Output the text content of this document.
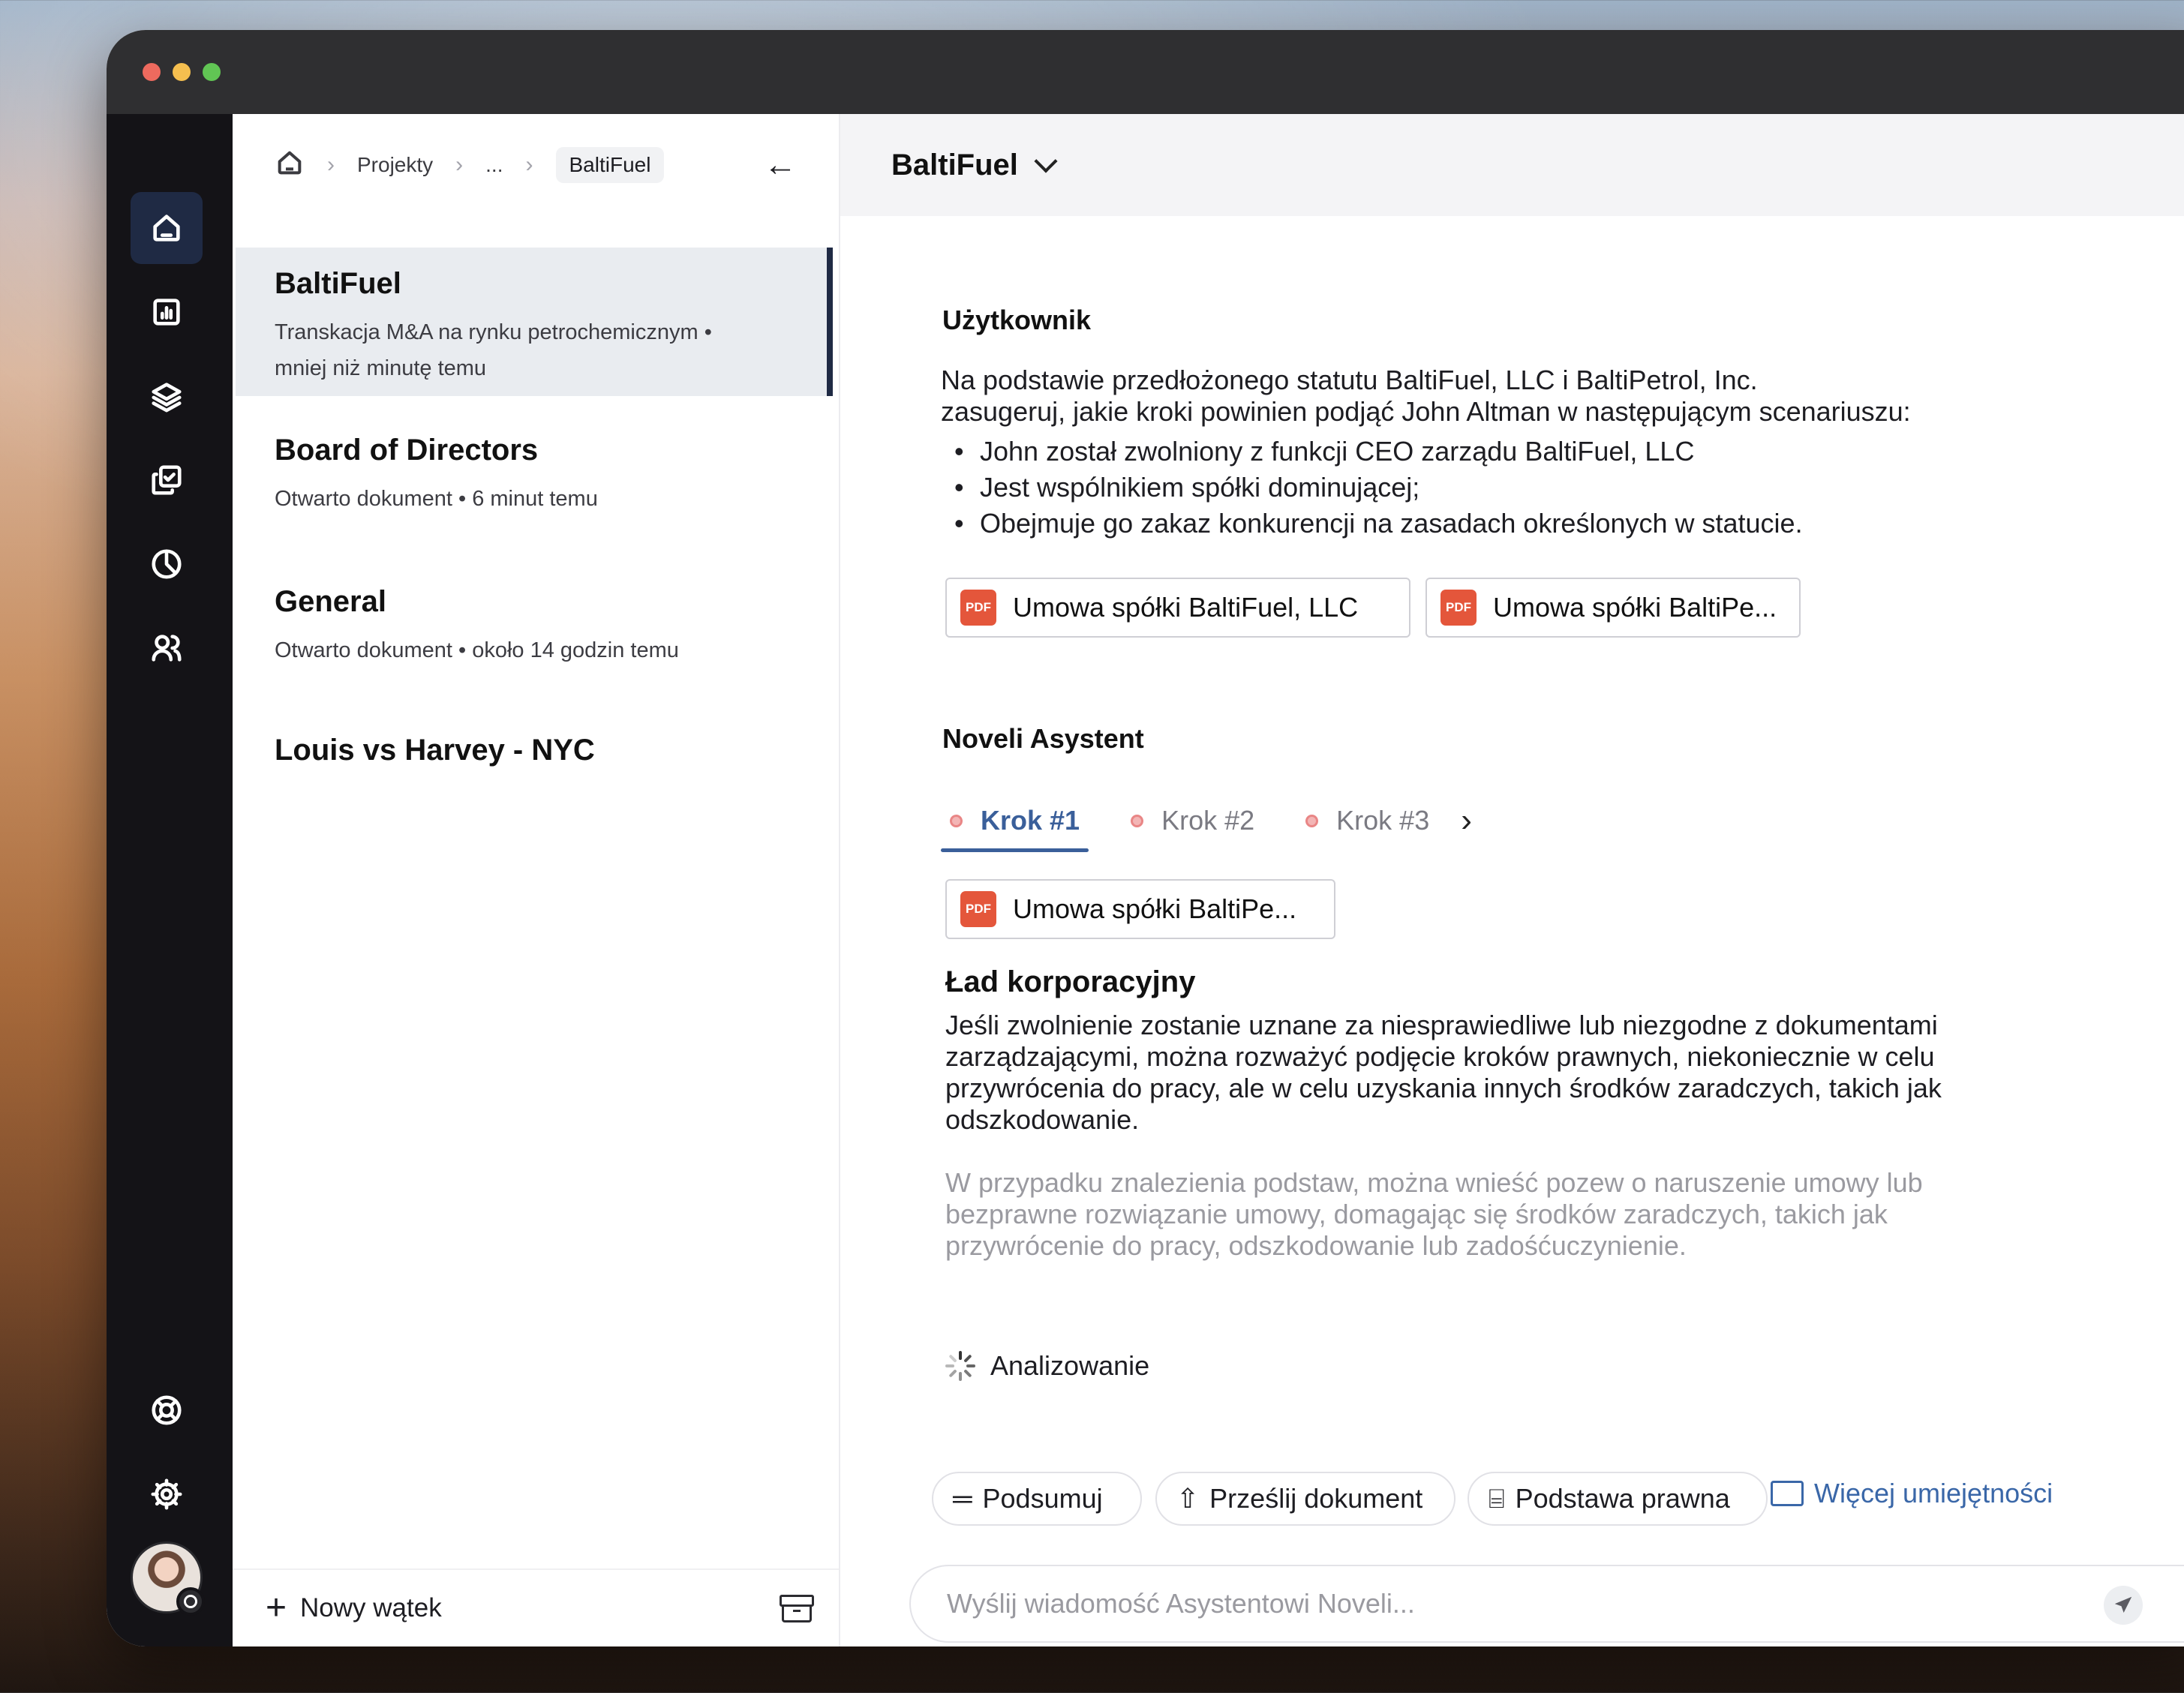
› Projekty › ... ›	BaltiFuel	←
BaltiFuel
Transkacja M&A na rynku petrochemicznym •
mniej niż minutę temu
Board of Directors
Otwarto dokument • 6 minut temu
General
Otwarto dokument • około 14 godzin temu
Louis vs Harvey - NYC
+ Nowy wątek
BaltiFuel
Użytkownik
Na podstawie przedłożonego statutu BaltiFuel, LLC i BaltiPetrol, Inc.
zasugeruj, jakie kroki powinien podjąć John Altman w następującym scenariuszu:
• John został zwolniony z funkcji CEO zarządu BaltiFuel, LLC
• Jest wspólnikiem spółki dominującej;
• Obejmuje go zakaz konkurencji na zasadach określonych w statucie.
PDF Umowa spółki BaltiFuel, LLC	PDF Umowa spółki BaltiPe...
Noveli Asystent
Krok #1	Krok #2	Krok #3 ›
PDF Umowa spółki BaltiPe...
Ład korporacyjny
Jeśli zwolnienie zostanie uznane za niesprawiedliwe lub niezgodne z dokumentami zarządzającymi, można rozważyć podjęcie kroków prawnych, niekoniecznie w celu przywrócenia do pracy, ale w celu uzyskania innych środków zaradczych, takich jak odszkodowanie.
W przypadku znalezienia podstaw, można wnieść pozew o naruszenie umowy lub bezprawne rozwiązanie umowy, domagając się środków zaradczych, takich jak przywrócenie do pracy, odszkodowanie lub zadośćuczynienie.
Analizowanie
═ Podsumuj	⇧ Prześlij dokument ⌸ Podstawa prawna	Więcej umiejętności
Wyślij wiadomość Asystentowi Noveli...
